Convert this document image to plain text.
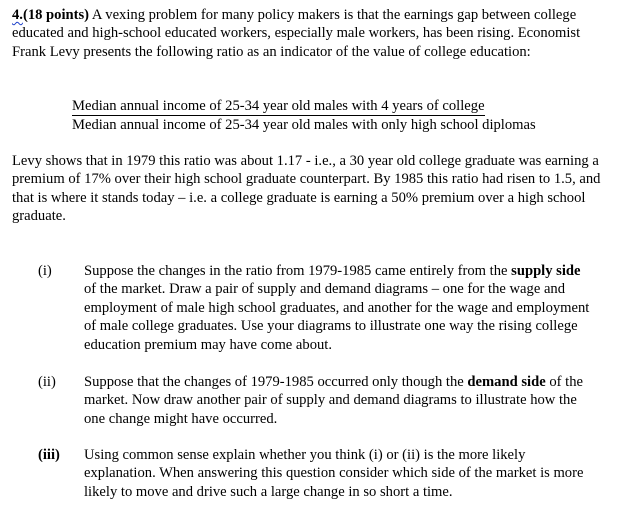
4.(18 points) A vexing problem for many policy makers is that the earnings gap between college educated and high-school educated workers, especially male workers, has been rising. Economist Frank Levy presents the following ratio as an indicator of the value of college education:
Median annual income of 25-34 year old males with 4 years of college
Median annual income of 25-34 year old males with only high school diplomas
Levy shows that in 1979 this ratio was about 1.17 - i.e., a 30 year old college graduate was earning a premium of 17% over their high school graduate counterpart. By 1985 this ratio had risen to 1.5, and that is where it stands today – i.e. a college graduate is earning a 50% premium over a high school graduate.
(i)	Suppose the changes in the ratio from 1979-1985 came entirely from the supply side of the market. Draw a pair of supply and demand diagrams – one for the wage and employment of male high school graduates, and another for the wage and employment of male college graduates. Use your diagrams to illustrate one way the rising college education premium may have come about.
(ii)	Suppose that the changes of 1979-1985 occurred only though the demand side of the market. Now draw another pair of supply and demand diagrams to illustrate how the one change might have occurred.
(iii)	Using common sense explain whether you think (i) or (ii) is the more likely explanation. When answering this question consider which side of the market is more likely to move and drive such a large change in so short a time.
